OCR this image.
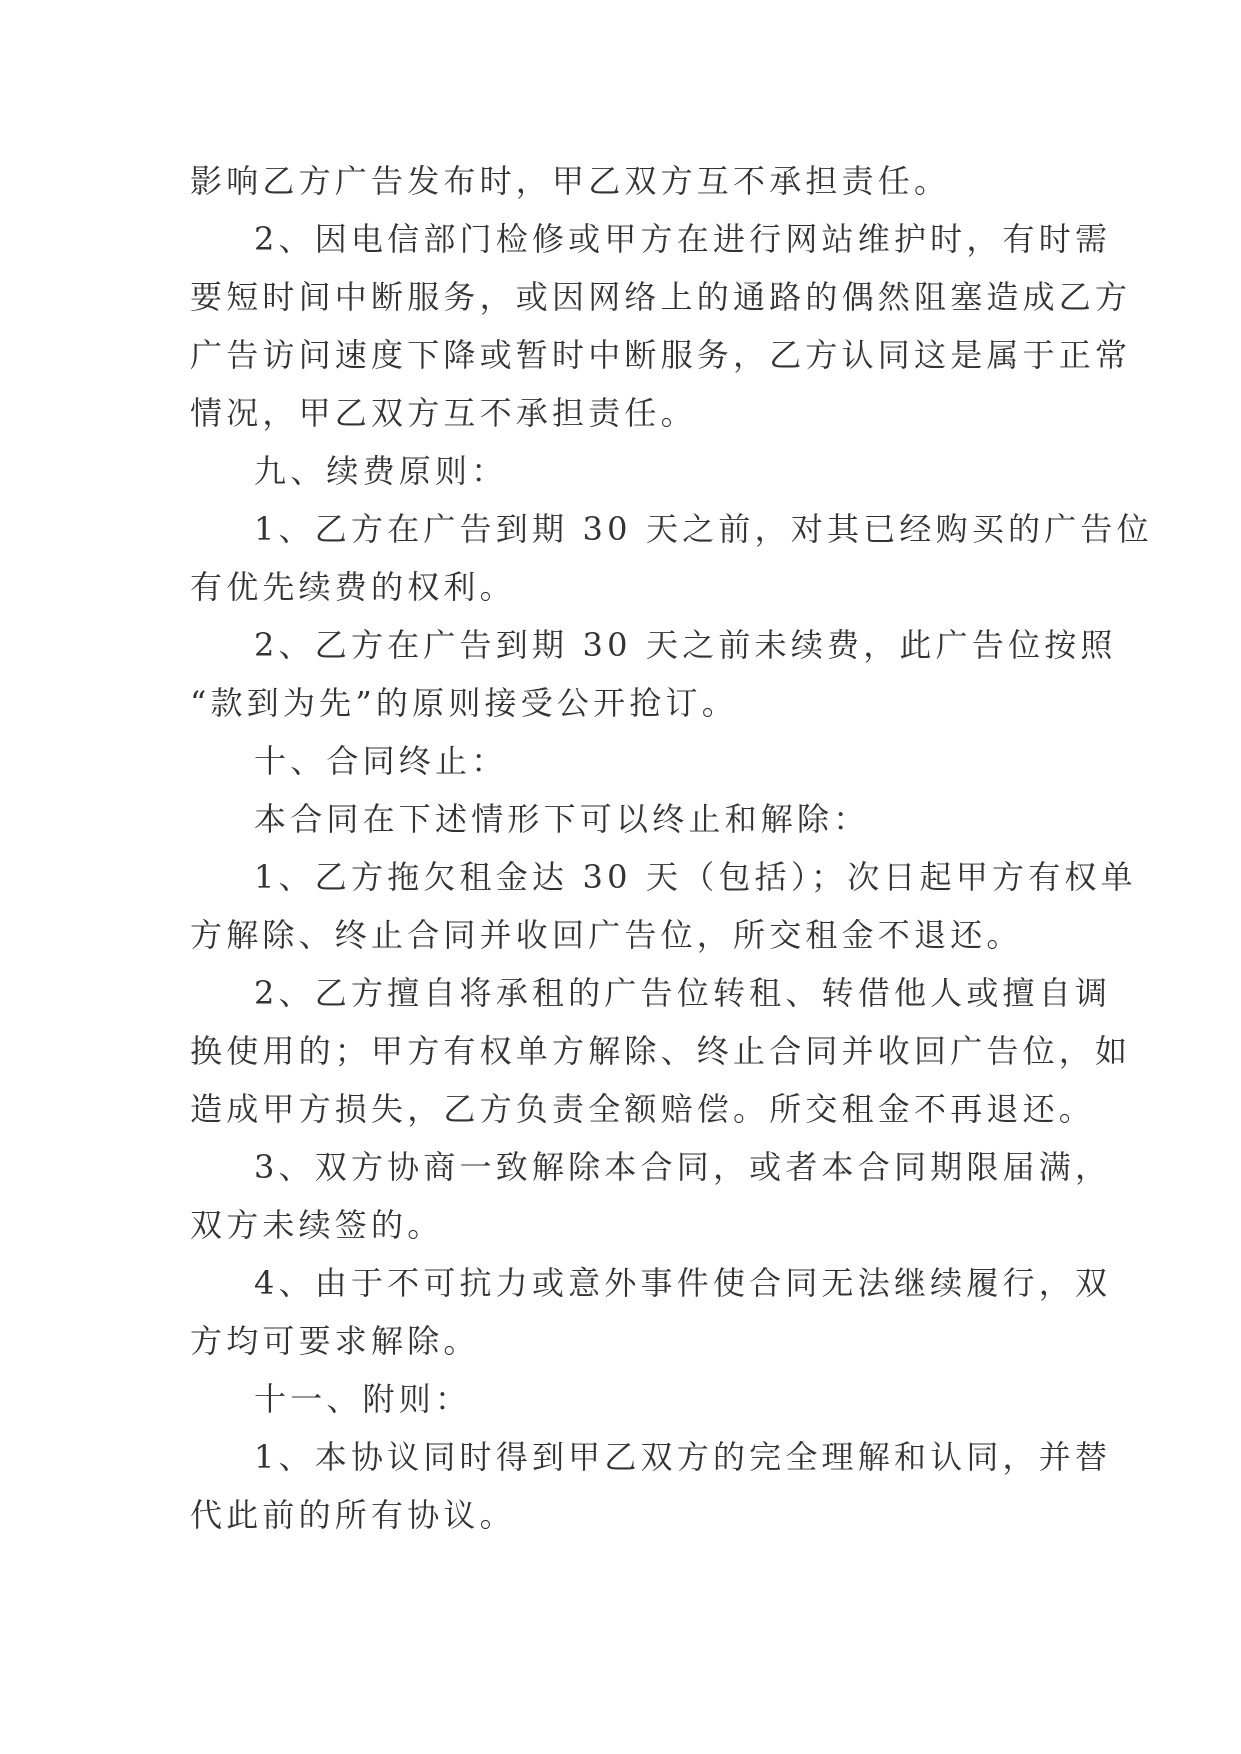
影响乙方广告发布时，甲乙双方互不承担责任。

2、因电信部门检修或甲方在进行网站维护时，有时需

要短时间中断服务，或因网络上的通路的偶然阻塞造成乙方

广告访问速度下降或暂时中断服务，乙方认同这是属于正常

情况，甲乙双方互不承担责任。

九、续费原则：

1、乙方在广告到期 30 天之前，对其已经购买的广告位

有优先续费的权利。

2、乙方在广告到期 30 天之前未续费，此广告位按照

“款到为先”的原则接受公开抢订。

十、合同终止：

本合同在下述情形下可以终止和解除：

1、乙方拖欠租金达 30 天（包括）；次日起甲方有权单

方解除、终止合同并收回广告位，所交租金不退还。

2、乙方擅自将承租的广告位转租、转借他人或擅自调

换使用的；甲方有权单方解除、终止合同并收回广告位，如

造成甲方损失，乙方负责全额赔偿。所交租金不再退还。

3、双方协商一致解除本合同，或者本合同期限届满，

双方未续签的。

4、由于不可抗力或意外事件使合同无法继续履行，双

方均可要求解除。

十一、附则：

1、本协议同时得到甲乙双方的完全理解和认同，并替

代此前的所有协议。
